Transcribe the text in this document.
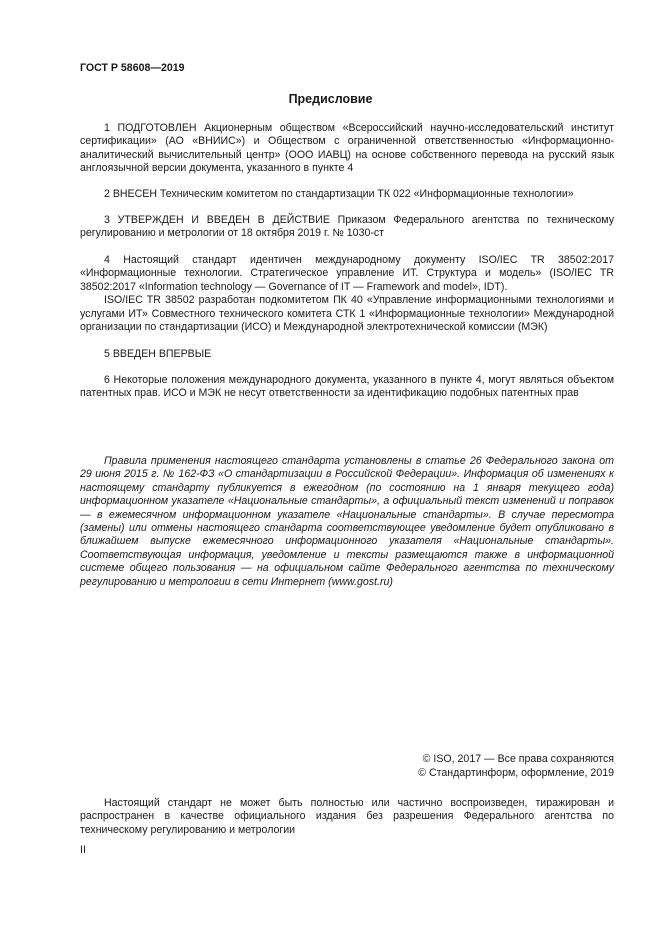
ГОСТ Р 58608—2019
Предисловие

1 ПОДГОТОВЛЕН Акционерным обществом «Всероссийский научно-исследовательский институт сертификации» (АО «ВНИИС») и Обществом с ограниченной ответственностью «Информационно-аналитический вычислительный центр» (ООО ИАВЦ) на основе собственного перевода на русский язык англоязычной версии документа, указанного в пункте 4

2 ВНЕСЕН Техническим комитетом по стандартизации ТК 022 «Информационные технологии»

3 УТВЕРЖДЕН И ВВЕДЕН В ДЕЙСТВИЕ Приказом Федерального агентства по техническому регулированию и метрологии от 18 октября 2019 г. № 1030-ст

4 Настоящий стандарт идентичен международному документу ISO/IEC TR 38502:2017 «Информационные технологии. Стратегическое управление ИТ. Структура и модель» (ISO/IEC TR 38502:2017 «Information technology — Governance of IT — Framework and model», IDT).

ISO/IEC TR 38502 разработан подкомитетом ПК 40 «Управление информационными технологиями и услугами ИТ» Совместного технического комитета СТК 1 «Информационные технологии» Международной организации по стандартизации (ИСО) и Международной электротехнической комиссии (МЭК)

5 ВВЕДЕН ВПЕРВЫЕ

6 Некоторые положения международного документа, указанного в пункте 4, могут являться объектом патентных прав. ИСО и МЭК не несут ответственности за идентификацию подобных патентных прав

Правила применения настоящего стандарта установлены в статье 26 Федерального закона от 29 июня 2015 г. № 162-ФЗ «О стандартизации в Российской Федерации». Информация об изменениях к настоящему стандарту публикуется в ежегодном (по состоянию на 1 января текущего года) информационном указателе «Национальные стандарты», а официальный текст изменений и поправок — в ежемесячном информационном указателе «Национальные стандарты». В случае пересмотра (замены) или отмены настоящего стандарта соответствующее уведомление будет опубликовано в ближайшем выпуске ежемесячного информационного указателя «Национальные стандарты». Соответствующая информация, уведомление и тексты размещаются также в информационной системе общего пользования — на официальном сайте Федерального агентства по техническому регулированию и метрологии в сети Интернет (www.gost.ru)

© ISO, 2017 — Все права сохраняются
© Стандартинформ, оформление, 2019

Настоящий стандарт не может быть полностью или частично воспроизведен, тиражирован и распространен в качестве официального издания без разрешения Федерального агентства по техническому регулированию и метрологии

II
